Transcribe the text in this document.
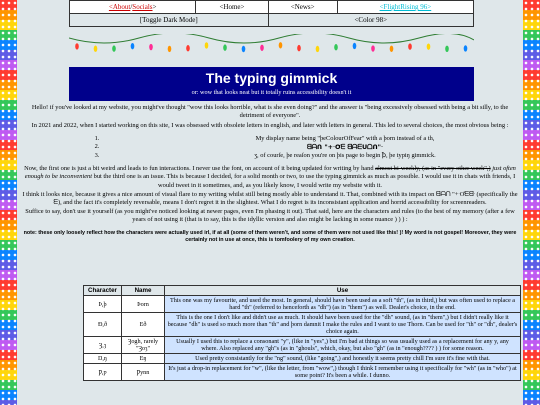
<About/Socials>	<Home>	<News>	<FlightRising 96>
[Toggle Dark Mode]		<Color 98>	
The typing gimmick
or: wow that looks neat but it totally ruins accessibility doesn't it

Hello! if you've looked at my website, you might've thought "wow this looks horrible, what is she even doing?" and the answer is "being excessively obsessed with being a bit silly, to the detriment of everyone".

In 2021 and 2022, when I started working on this site, I was obsessed with obsolete letters in english, and later with letters in general. This led to several choices, the most obvious being :

1.	My display name being "þeColourOfFear" with a þorn instead of a th,
2.	ᗺᗩᑎ "+ᐧƠᗴ ᗺᗩᗴᑌᗝᑎ"ᐧ
3.	ʒ, of courſe, þe reaſon you're on þis page to begin ꝥ, þe typiŋ gimmick.

Now, the first one is just a bit weird and leads to fun interactions. I never use the font, on account of it being updated for writing by hand almost bi-weekly, (as in "every other week",) just often enough to be inconvenient but the third one is an issue. This is because I decided, for a solid month or two, to use the typing gimmick as much as possible. I would use it in chats with friends, I would tweet in it sometimes, and, as you likely know, I would write my website with it.

I think it looks nice, because it gives a nice amount of visual flare to my writing whilst still being mostly able to understand it. That, combined with its impact on ᗺᗩᑎ "+ᐧƠᗴᗺᐧ (specifically the ᗴ), and the fact it's completely reversable, means I don't regret it in the slightest. What I do regret is its inconsistant application and horrid accessibility for screenreaders.

Suffice to say, don't use it yourself (as you might've noticed looking at newer pages, even I'm phasing it out). That said, here are the characters and rules (to the best of my memory (after a few years of not using it (that is to say, this is the idyllic version and also might be lacking in some nuance ) ) ) :

note: these only loosely reflect how the characters were actually used irl, if at all (some of them weren't, and some of them were not used like this! )! My word is not gospel! Moreover, they were certainly not in use at once, this is tomfoolery of my own creation.
Character	Name	Use
Þ,þ	Þorn	This one was my favourite, and used the most. In general, should have been used as a soft "th", (as in third,) but was often used to replace a hard "th" (referred to henceforth as "dh") (as in "them") as well. Dealer's choice, in the end.
Ð,ð	Eð	This is the one I don't like and didn't use as much. It should have been used for the "dh" sound, (as in "them",) but I didn't really like it because "dh" is used so much more than "th" and þorn damnit I make the rules and I want to use Thorn. Can be used for "th" or "dh", dealer's choice again.
Ȝ,ȝ	Ȝogh, rarely "Ȝoȝ"	Usually I used this to replace a consonant "y", (like in "yes",) but I'm bad at things so was usually used as a replacement for any y, any where. Also replaced any "gh"s (as in "ghouls", which, okay, but also "gh" (as in "enough???? ) ) for some reason.
Ŋ,ŋ	Eŋ	Used pretty consistantly for the "ng" sound, (like "going",) and honestly it seems pretty chill I'm sure it's fine with that.
Ƿ,ƿ	Ƿynn	It's just a drop-in replacement for "w", (like the letter, from "wow",) though I think I remember using it specifically for "wh" (as in "who") at some point? It's been a while. I dunno.
